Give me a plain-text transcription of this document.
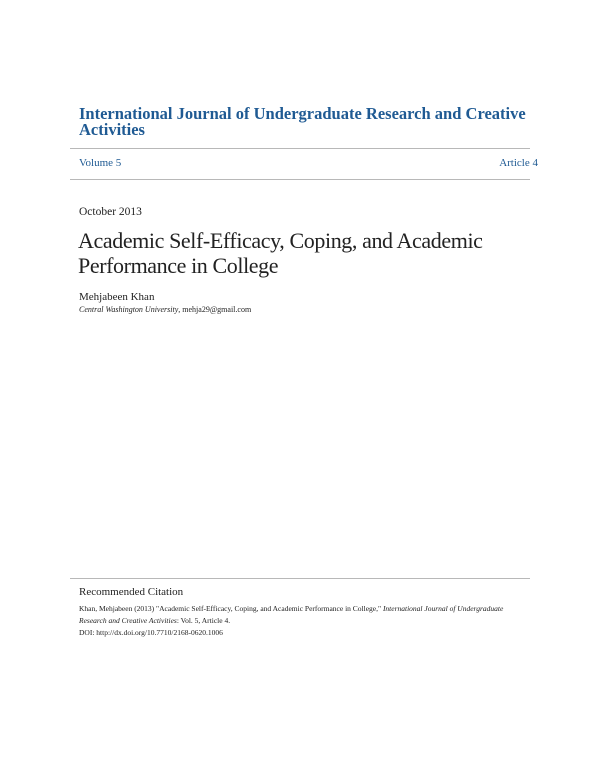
International Journal of Undergraduate Research and Creative Activities
Volume 5	Article 4
October 2013
Academic Self-Efficacy, Coping, and Academic Performance in College
Mehjabeen Khan
Central Washington University, mehja29@gmail.com
Recommended Citation
Khan, Mehjabeen (2013) "Academic Self-Efficacy, Coping, and Academic Performance in College," International Journal of Undergraduate Research and Creative Activities: Vol. 5, Article 4.
DOI: http://dx.doi.org/10.7710/2168-0620.1006
